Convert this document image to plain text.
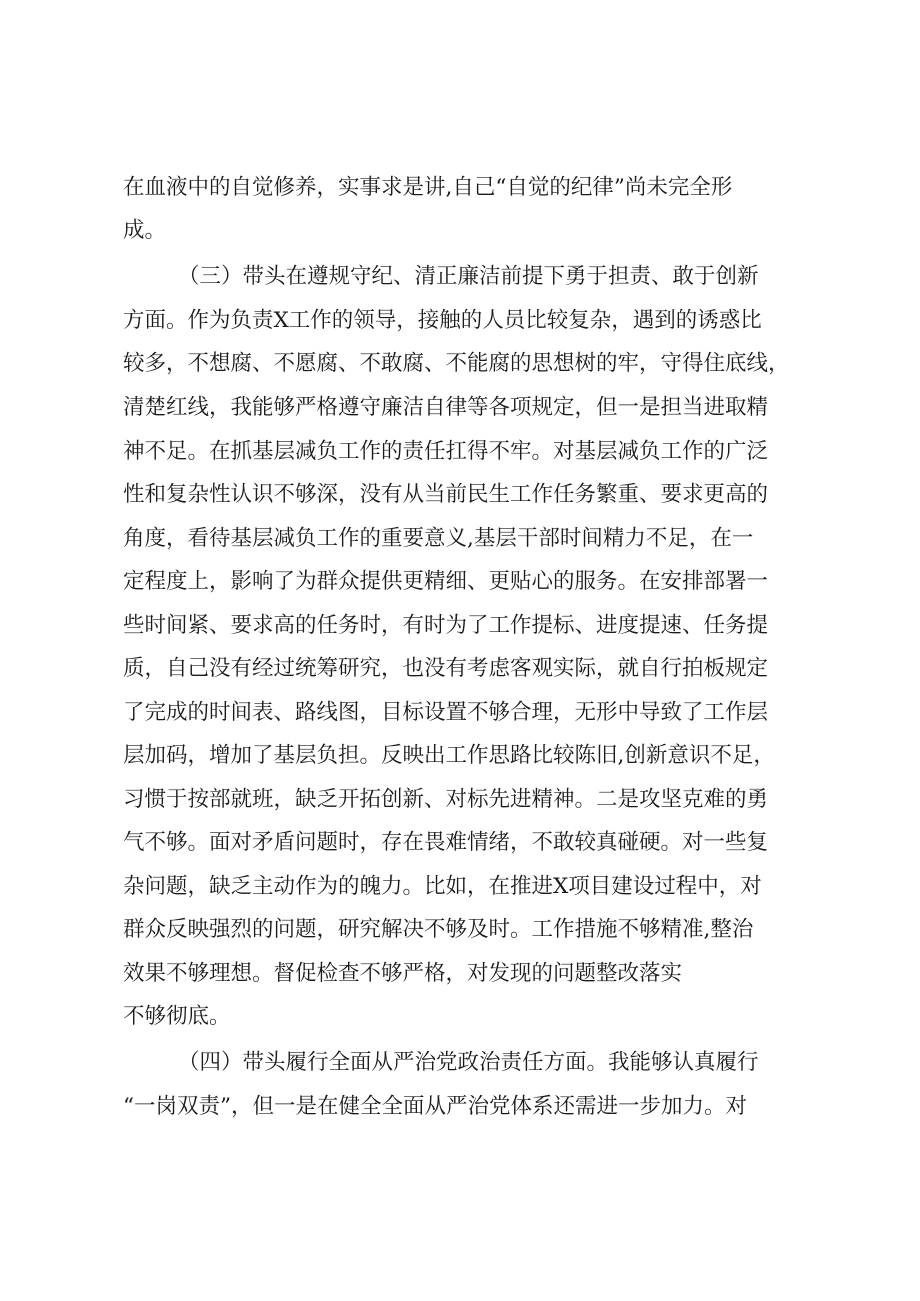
在血液中的自觉修养，实事求是讲,自己“自觉的纪律”尚未完全形
成。
（三）带头在遵规守纪、清正廉洁前提下勇于担责、敢于创新
方面。作为负责X工作的领导，接触的人员比较复杂，遇到的诱惑比
较多，不想腐、不愿腐、不敢腐、不能腐的思想树的牢，守得住底线，
清楚红线，我能够严格遵守廉洁自律等各项规定，但一是担当进取精
神不足。在抓基层减负工作的责任扛得不牢。对基层减负工作的广泛
性和复杂性认识不够深，没有从当前民生工作任务繁重、要求更高的
角度，看待基层减负工作的重要意义,基层干部时间精力不足，在一
定程度上，影响了为群众提供更精细、更贴心的服务。在安排部署一
些时间紧、要求高的任务时，有时为了工作提标、进度提速、任务提
质，自己没有经过统筹研究，也没有考虑客观实际，就自行拍板规定
了完成的时间表、路线图，目标设置不够合理，无形中导致了工作层
层加码，增加了基层负担。反映出工作思路比较陈旧,创新意识不足，
习惯于按部就班，缺乏开拓创新、对标先进精神。二是攻坚克难的勇
气不够。面对矛盾问题时，存在畏难情绪，不敢较真碰硬。对一些复
杂问题，缺乏主动作为的魄力。比如，在推进X项目建设过程中，对
群众反映强烈的问题，研究解决不够及时。工作措施不够精准,整治
效果不够理想。督促检查不够严格，对发现的问题整改落实
不够彻底。
（四）带头履行全面从严治党政治责任方面。我能够认真履行
“一岗双责”，但一是在健全全面从严治党体系还需进一步加力。对
